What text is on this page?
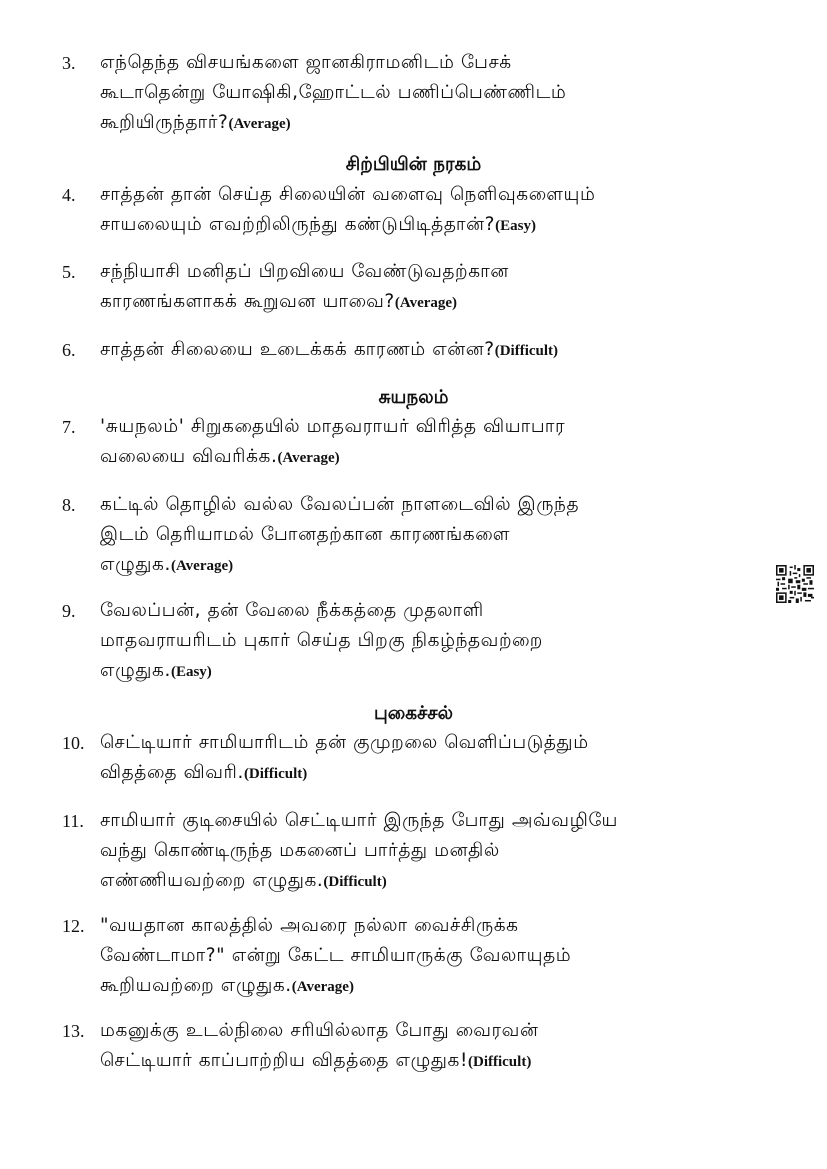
3. எந்தெந்த விசயங்களை ஜானகிராமனிடம் பேசக்
கூடாதென்று யோஷிகி,ஹோட்டல் பணிப்பெண்ணிடம்
கூறியிருந்தார்?(Average)
சிற்பியின் நரகம்
4. சாத்தன் தான் செய்த சிலையின் வளைவு நெளிவுகளையும்
சாயலையும் எவற்றிலிருந்து கண்டுபிடித்தான்?(Easy)
5. சந்நியாசி மனிதப் பிறவியை வேண்டுவதற்கான
காரணங்களாகக் கூறுவன யாவை?(Average)
6. சாத்தன் சிலையை உடைக்கக் காரணம் என்ன?(Difficult)
சுயநலம்
7. 'சுயநலம்' சிறுகதையில் மாதவராயர் விரித்த வியாபார
வலையை விவரிக்க.(Average)
8. கட்டில் தொழில் வல்ல வேலப்பன் நாளடைவில் இருந்த
இடம் தெரியாமல் போனதற்கான காரணங்களை
எழுதுக.(Average)
9. வேலப்பன், தன் வேலை நீக்கத்தை முதலாளி
மாதவராயரிடம் புகார் செய்த பிறகு நிகழ்ந்தவற்றை
எழுதுக.(Easy)
புகைச்சல்
10. செட்டியார் சாமியாரிடம் தன் குமுறலை வெளிப்படுத்தும்
விதத்தை விவரி.(Difficult)
11. சாமியார் குடிசையில் செட்டியார் இருந்த போது அவ்வழியே
வந்து கொண்டிருந்த மகனைப் பார்த்து மனதில்
எண்ணியவற்றை எழுதுக.(Difficult)
12. "வயதான காலத்தில் அவரை நல்லா வைச்சிருக்க
வேண்டாமா?" என்று கேட்ட சாமியாருக்கு வேலாயுதம்
கூறியவற்றை எழுதுக.(Average)
13. மகனுக்கு உடல்நிலை சரியில்லாத போது வைரவன்
செட்டியார் காப்பாற்றிய விதத்தை எழுதுக!(Difficult)
